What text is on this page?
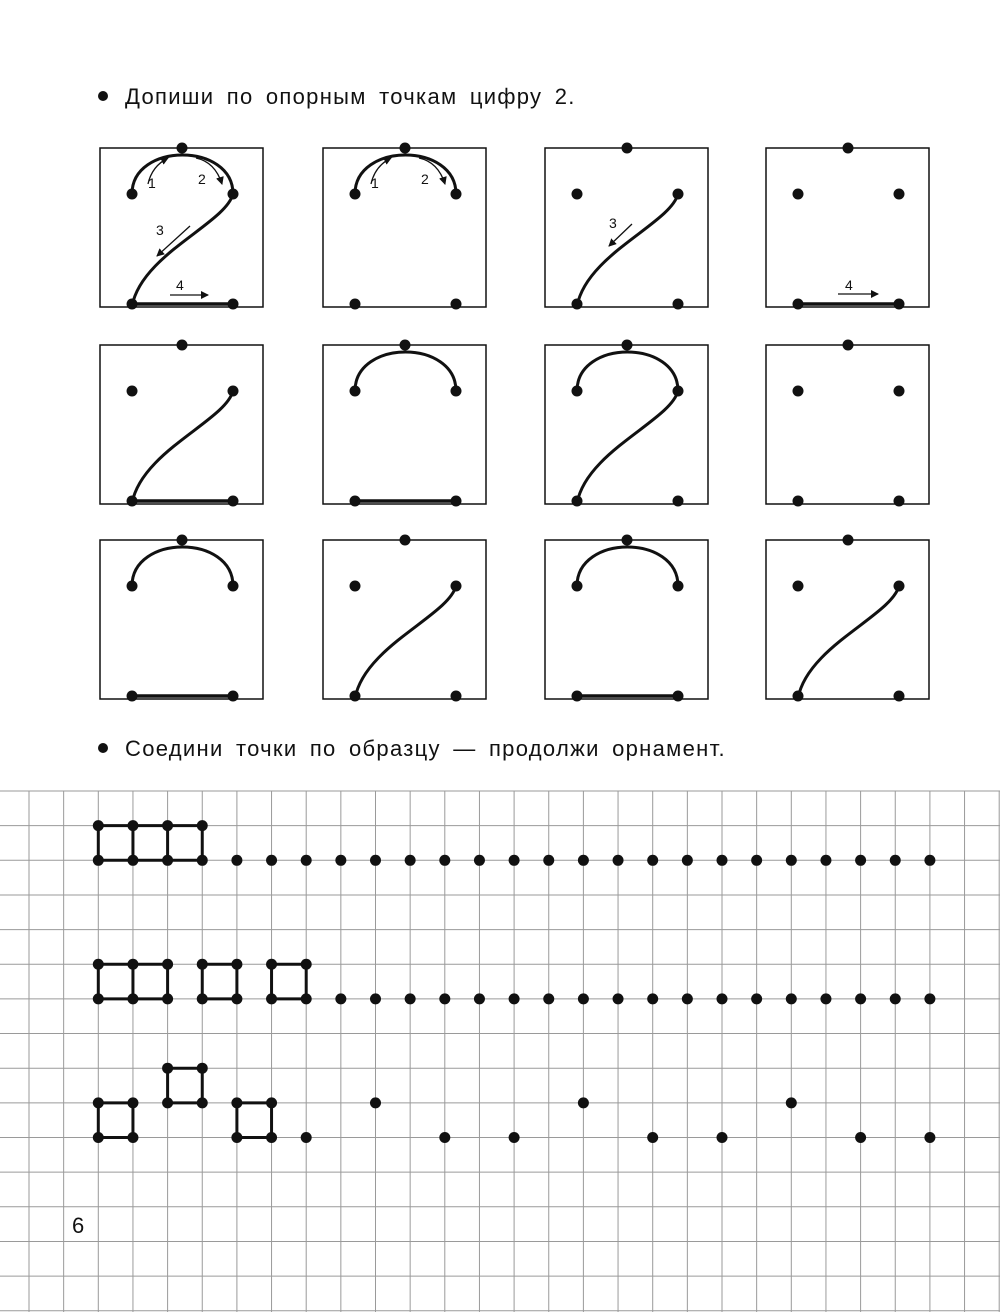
Допиши по опорным точкам цифру 2.
1	2
3
4
1	2
3
4
Соедини точки по образцу — продолжи орнамент.
6
